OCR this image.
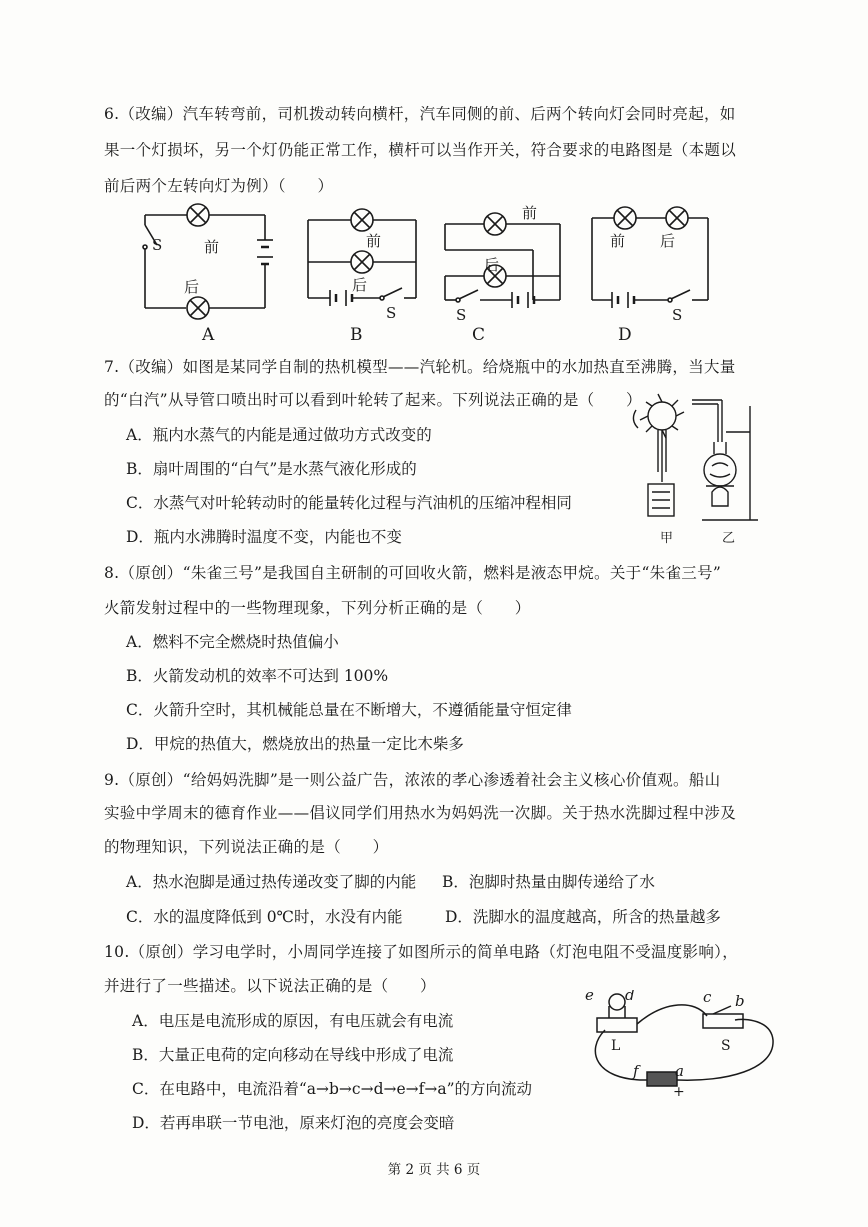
6.（改编）汽车转弯前，司机拨动转向横杆，汽车同侧的前、后两个转向灯会同时亮起，如
果一个灯损坏，另一个灯仍能正常工作，横杆可以当作开关，符合要求的电路图是（本题以
前后两个左转向灯为例）（　　）
S	前
后
A
前
后
S
B
前
后
S
C
前 后
S
D
7.（改编）如图是某同学自制的热机模型——汽轮机。给烧瓶中的水加热直至沸腾，当大量
的“白汽”从导管口喷出时可以看到叶轮转了起来。下列说法正确的是（　　）
A．瓶内水蒸气的内能是通过做功方式改变的
B．扇叶周围的“白气”是水蒸气液化形成的
C．水蒸气对叶轮转动时的能量转化过程与汽油机的压缩冲程相同
D．瓶内水沸腾时温度不变，内能也不变	甲	乙
8.（原创）“朱雀三号”是我国自主研制的可回收火箭，燃料是液态甲烷。关于“朱雀三号”
火箭发射过程中的一些物理现象，下列分析正确的是（　　）
A．燃料不完全燃烧时热值偏小
B．火箭发动机的效率不可达到 100%
C．火箭升空时，其机械能总量在不断增大，不遵循能量守恒定律
D．甲烷的热值大，燃烧放出的热量一定比木柴多
9.（原创）“给妈妈洗脚”是一则公益广告，浓浓的孝心渗透着社会主义核心价值观。船山
实验中学周末的德育作业——倡议同学们用热水为妈妈洗一次脚。关于热水洗脚过程中涉及
的物理知识，下列说法正确的是（　　）
A．热水泡脚是通过热传递改变了脚的内能 B．泡脚时热量由脚传递给了水
C．水的温度降低到 0℃时，水没有内能	D．洗脚水的温度越高，所含的热量越多
10.（原创）学习电学时，小周同学连接了如图所示的简单电路（灯泡电阻不受温度影响），
并进行了一些描述。以下说法正确的是（　　）
A．电压是电流形成的原因，有电压就会有电流
B．大量正电荷的定向移动在导线中形成了电流
C．在电路中，电流沿着“a→b→c→d→e→f→a”的方向流动
D．若再串联一节电池，原来灯泡的亮度会变暗
e d	c b
f a
L	S
+
第 2 页 共 6 页
